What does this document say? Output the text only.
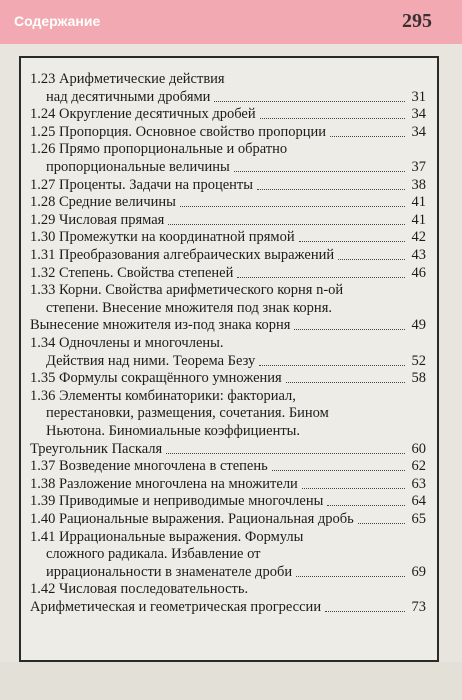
Содержание	295
1.23 Арифметические действия
над десятичными дробями	31
1.24 Округление десятичных дробей	34
1.25 Пропорция. Основное свойство пропорции	34
1.26 Прямо пропорциональные и обратно
пропорциональные величины	37
1.27 Проценты. Задачи на проценты	38
1.28 Средние величины	41
1.29 Числовая прямая	41
1.30 Промежутки на координатной прямой	42
1.31 Преобразования алгебраических выражений	43
1.32 Степень. Свойства степеней	46
1.33 Корни. Свойства арифметического корня n-ой
степени. Внесение множителя под знак корня.
Вынесение множителя из-под знака корня	49
1.34 Одночлены и многочлены.
Действия над ними. Теорема Безу	52
1.35 Формулы сокращённого умножения	58
1.36 Элементы комбинаторики: факториал,
перестановки, размещения, сочетания. Бином
Ньютона. Биномиальные коэффициенты.
Треугольник Паскаля	60
1.37 Возведение многочлена в степень	62
1.38 Разложение многочлена на множители	63
1.39 Приводимые и неприводимые многочлены	64
1.40 Рациональные выражения. Рациональная дробь	65
1.41 Иррациональные выражения. Формулы
сложного радикала. Избавление от
иррациональности в знаменателе дроби	69
1.42 Числовая последовательность.
Арифметическая и геометрическая прогрессии	73
